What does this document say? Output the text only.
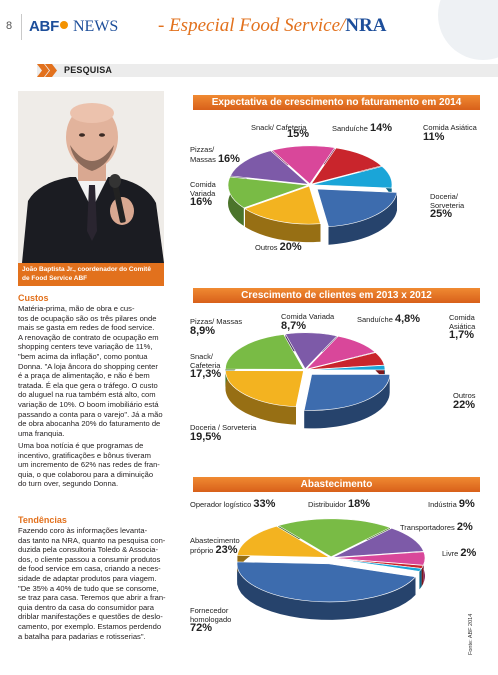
8 ABF NEWS - Especial Food Service/NRA
PESQUISA
João Baptista Jr., coordenador do Comitê de Food Service ABF
Custos
Matéria-prima, mão de obra e cus-
tos de ocupação são os três pilares onde
mais se gasta em redes de food service.
A renovação de contrato de ocupação em
shopping centers teve variação de 11%,
"bem acima da inflação", como pontua
Donna. "A loja âncora do shopping center
é a praça de alimentação, e não é bem
tratada. É ela que gera o tráfego. O custo
do aluguel na rua também está alto, com
variação de 10%. O boom imobiliário está
passando a conta para o varejo". Já a mão
de obra abocanha 20% do faturamento de
uma franquia.
Uma boa notícia é que programas de
incentivo, gratificações e bônus tiveram
um incremento de 62% nas redes de fran-
quia, o que colaborou para a diminuição
do turn over, segundo Donna.
Tendências
Fazendo coro às informações levanta-
das tanto na NRA, quanto na pesquisa con-
duzida pela consultoria Toledo & Associa-
dos, o cliente passou a consumir produtos
de food service em casa, criando a neces-
sidade de adaptar produtos para viagem.
"De 35% a 40% de tudo que se consome,
se traz para casa. Teremos que abrir a fran-
quia dentro da casa do consumidor para
driblar manifestações e questões de deslo-
camento, por exemplo. Estamos perdendo
a batalha para padarias e rotisserias".	Fonte: ABF 2014
Expectativa de crescimento no faturamento em 2014
Snack/ Cafeteria
15%	Sanduíche 14%	Comida Asiática 11%
Pizzas/ Massas 16%
Comida Variada
16%	Doceria/ Sorveteria
25%
Outros 20%
Crescimento de clientes em 2013 x 2012
Pizzas/ Massas 8,9%
Comida Variada 8,7%	Sanduíche 4,8%	Comida Asiática
1,7%
Snack/ Cafeteria
17,3%
Outros
22%
Doceria / Sorveteria 19,5%
Abastecimento
Operador logístico 33%	Distribuidor 18%	Indústria 9%
Transportadores 2%
Abastecimento próprio 23%	Livre 2%
Fornecedor homologado
72%
